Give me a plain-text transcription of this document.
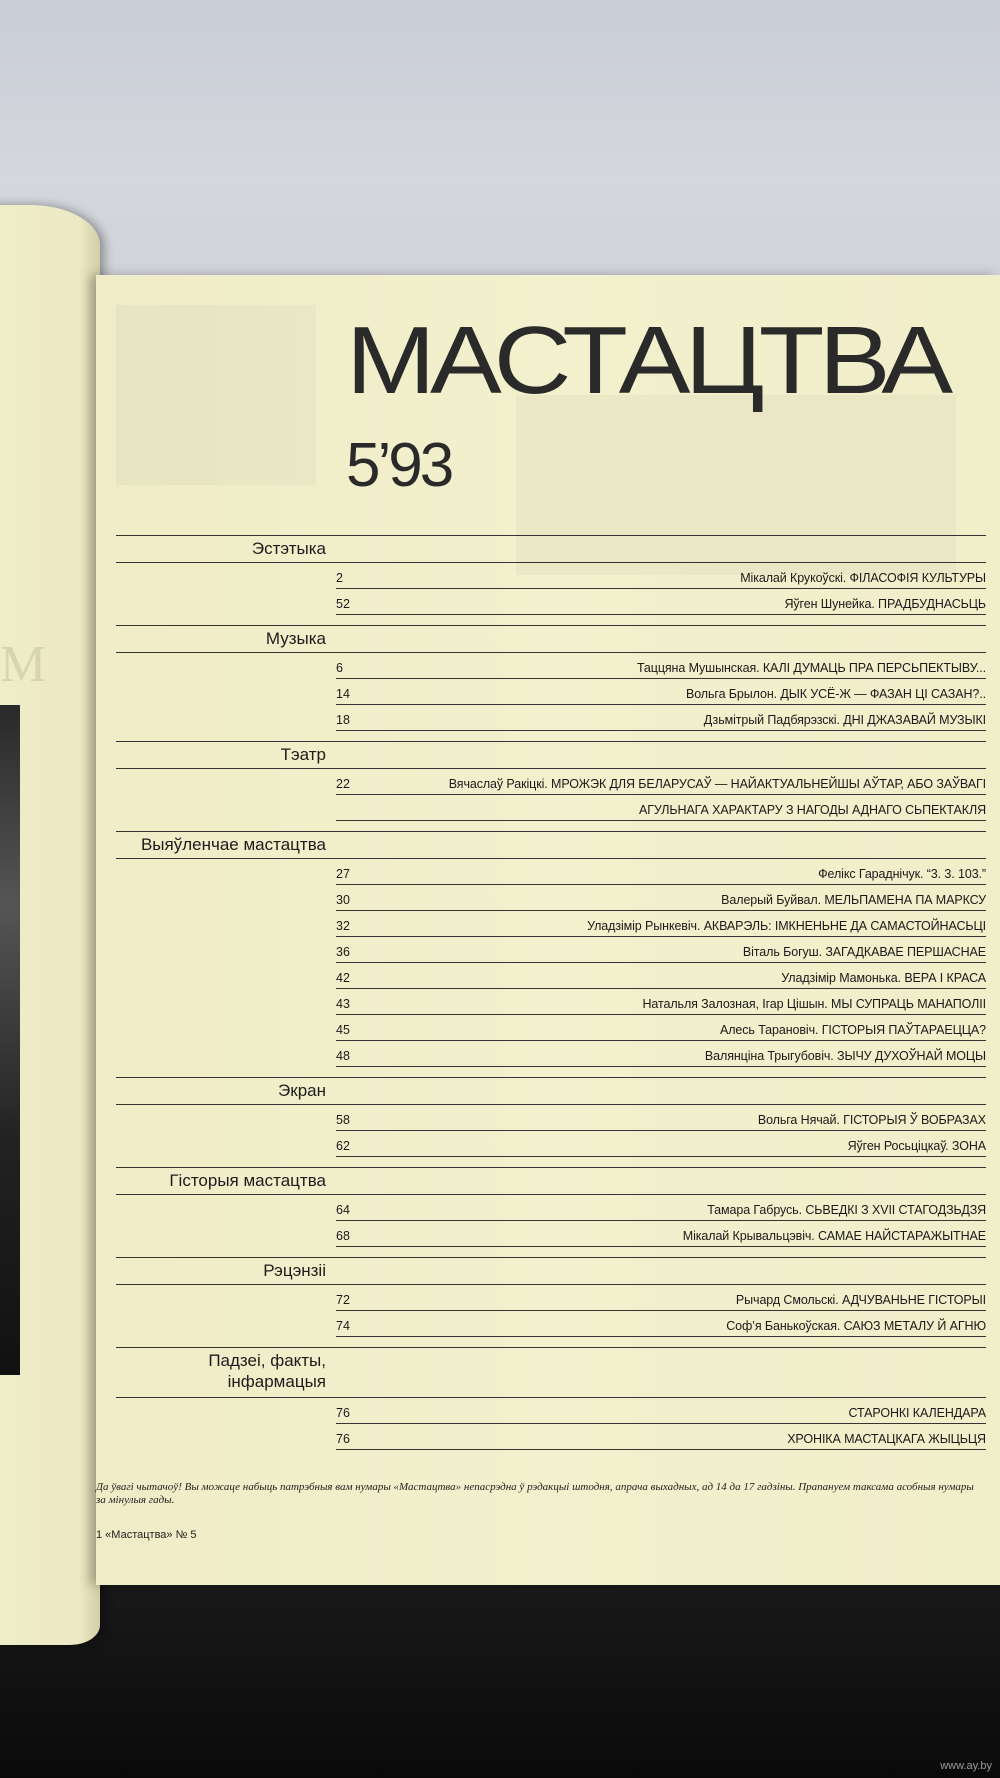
М
МАСТАЦТВА
5’93
Эстэтыка
2	Мікалай Крукоўскі. ФІЛАСОФІЯ КУЛЬТУРЫ
52	Яўген Шунейка. ПРАДБУДНАСЬЦЬ
Музыка
6	Таццяна Мушынская. КАЛІ ДУМАЦЬ ПРА ПЕРСЬПЕКТЫВУ...
14	Вольга Брылон. ДЫК УСЁ-Ж — ФАЗАН ЦІ САЗАН?..
18	Дзьмітрый Падбярэзскі. ДНІ ДЖАЗАВАЙ МУЗЫКІ
Тэатр
22	Вячаслаў Ракіцкі. МРОЖЭК ДЛЯ БЕЛАРУСАЎ — НАЙАКТУАЛЬНЕЙШЫ АЎТАР, АБО ЗАЎВАГІ
АГУЛЬНАГА ХАРАКТАРУ З НАГОДЫ АДНАГО СЬПЕКТАКЛЯ
Выяўленчае мастацтва
27	Фелікс Гараднічук. “3. 3. 103.”
30	Валерый Буйвал. МЕЛЬПАМЕНА ПА МАРКСУ
32	Уладзімір Рынкевіч. АКВАРЭЛЬ: ІМКНЕНЬНЕ ДА САМАСТОЙНАСЬЦІ
36	Віталь Богуш. ЗАГАДКАВАЕ ПЕРШАСНАЕ
42	Уладзімір Мамонька. ВЕРА І КРАСА
43	Натальля Залозная, Ігар Цішын. МЫ СУПРАЦЬ МАНАПОЛІІ
45	Алесь Тарановіч. ГІСТОРЫЯ ПАЎТАРАЕЦЦА?
48	Валянціна Трыгубовіч. ЗЫЧУ ДУХОЎНАЙ МОЦЫ
Экран
58	Вольга Нячай. ГІСТОРЫЯ Ў ВОБРАЗАХ
62	Яўген Росьціцкаў. ЗОНА
Гісторыя мастацтва
64	Тамара Габрусь. СЬВЕДКІ З XVII СТАГОДЗЬДЗЯ
68	Мікалай Крывальцэвіч. САМАЕ НАЙСТАРАЖЫТНАЕ
Рэцэнзіі
72	Рычард Смольскі. АДЧУВАНЬНЕ ГІСТОРЫІ
74	Соф’я Банькоўская. САЮЗ МЕТАЛУ Й АГНЮ
Падзеі, факты,
інфармацыя
76	СТАРОНКІ КАЛЕНДАРА
76	ХРОНІКА МАСТАЦКАГА ЖЫЦЬЦЯ
Да ўвагі чытачоў! Вы можаце набыць патрэбныя вам нумары «Мастацтва» непасрэдна ў рэдакцыі штодня, апрача выхадных, ад 14 да 17 гадзіны. Прапануем таксама асобныя нумары за мінулыя гады.
1 «Мастацтва» № 5
www.ay.by
